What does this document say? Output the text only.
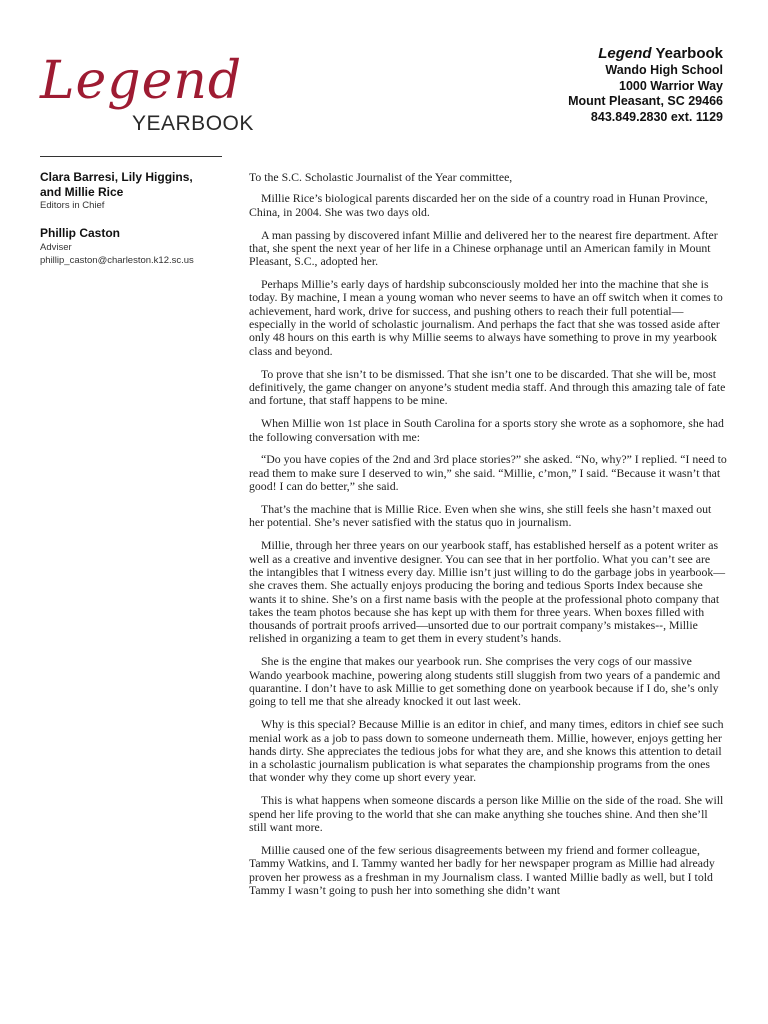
Legend
YEARBOOK
Legend Yearbook
Wando High School
1000 Warrior Way
Mount Pleasant, SC 29466
843.849.2830 ext. 1129
Clara Barresi, Lily Higgins,
and Millie Rice
Editors in Chief
Phillip Caston
Adviser
phillip_caston@charleston.k12.sc.us

To the S.C. Scholastic Journalist of the Year committee,

Millie Rice’s biological parents discarded her on the side of a country road in Hunan Province, China, in 2004. She was two days old.

A man passing by discovered infant Millie and delivered her to the nearest fire department. After that, she spent the next year of her life in a Chinese orphanage until an American family in Mount Pleasant, S.C., adopted her.

Perhaps Millie’s early days of hardship subconsciously molded her into the machine that she is today. By machine, I mean a young woman who never seems to have an off switch when it comes to achievement, hard work, drive for success, and pushing others to reach their full potential—especially in the world of scholastic journalism. And perhaps the fact that she was tossed aside after only 48 hours on this earth is why Millie seems to always have something to prove in my yearbook class and beyond.

To prove that she isn’t to be dismissed. That she isn’t one to be discarded. That she will be, most definitively, the game changer on anyone’s student media staff. And through this amazing tale of fate and fortune, that staff happens to be mine.

When Millie won 1st place in South Carolina for a sports story she wrote as a sophomore, she had the following conversation with me:

“Do you have copies of the 2nd and 3rd place stories?” she asked. “No, why?” I replied. “I need to read them to make sure I deserved to win,” she said. “Millie, c’mon,” I said. “Because it wasn’t that good! I can do better,” she said.

That’s the machine that is Millie Rice. Even when she wins, she still feels she hasn’t maxed out her potential. She’s never satisfied with the status quo in journalism.

Millie, through her three years on our yearbook staff, has established herself as a potent writer as well as a creative and inventive designer. You can see that in her portfolio. What you can’t see are the intangibles that I witness every day. Millie isn’t just willing to do the garbage jobs in yearbook—she craves them. She actually enjoys producing the boring and tedious Sports Index because she wants it to shine. She’s on a first name basis with the people at the professional photo company that takes the team photos because she has kept up with them for three years. When boxes filled with thousands of portrait proofs arrived—unsorted due to our portrait company’s mistakes--, Millie relished in organizing a team to get them in every student’s hands.

She is the engine that makes our yearbook run. She comprises the very cogs of our massive Wando yearbook machine, powering along students still sluggish from two years of a pandemic and quarantine. I don’t have to ask Millie to get something done on yearbook because if I do, she’s only going to tell me that she already knocked it out last week.

Why is this special? Because Millie is an editor in chief, and many times, editors in chief see such menial work as a job to pass down to someone underneath them. Millie, however, enjoys getting her hands dirty. She appreciates the tedious jobs for what they are, and she knows this attention to detail in a scholastic journalism publication is what separates the championship programs from the ones that wonder why they come up short every year.

This is what happens when someone discards a person like Millie on the side of the road. She will spend her life proving to the world that she can make anything she touches shine. And then she’ll still want more.

Millie caused one of the few serious disagreements between my friend and former colleague, Tammy Watkins, and I. Tammy wanted her badly for her newspaper program as Millie had already proven her prowess as a freshman in my Journalism class. I wanted Millie badly as well, but I told Tammy I wasn’t going to push her into something she didn’t want
